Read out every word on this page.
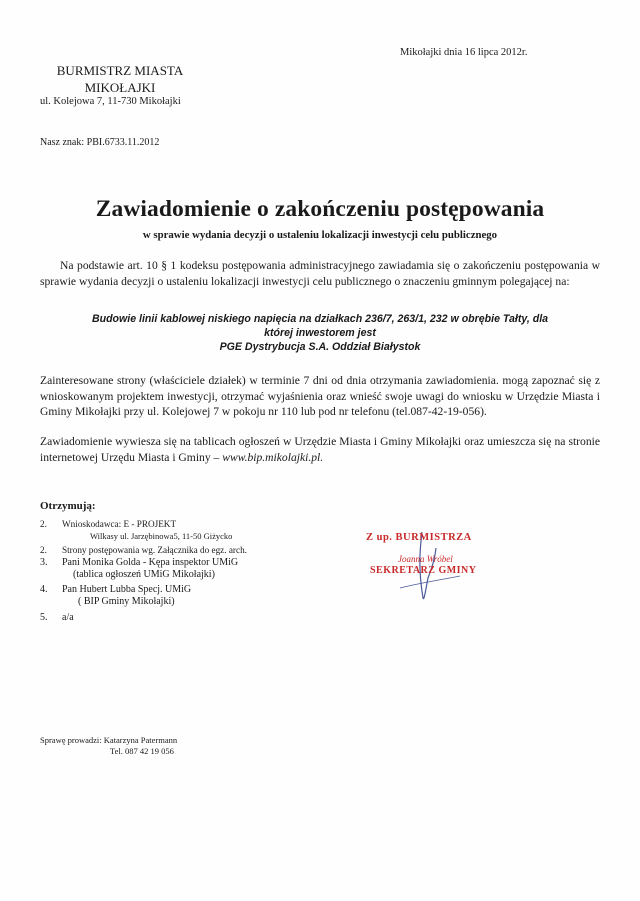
Mikołajki dnia 16 lipca 2012r.

BURMISTRZ MIASTA
MIKOŁAJKI

ul. Kolejowa 7, 11-730 Mikołajki

Nasz znak: PBI.6733.11.2012

Zawiadomienie o zakończeniu postępowania

w sprawie wydania decyzji o ustaleniu lokalizacji inwestycji celu publicznego

Na podstawie art. 10 § 1 kodeksu postępowania administracyjnego zawiadamia się o zakończeniu postępowania w sprawie wydania decyzji o ustaleniu lokalizacji inwestycji celu publicznego o znaczeniu gminnym polegającej na:

Budowie linii kablowej niskiego napięcia na działkach 236/7, 263/1, 232 w obrębie Tałty, dla
której inwestorem jest
PGE Dystrybucja S.A. Oddział Białystok

Zainteresowane strony (właściciele działek) w terminie 7 dni od dnia otrzymania zawiadomienia. mogą zapoznać się z wnioskowanym projektem inwestycji, otrzymać wyjaśnienia oraz wnieść swoje uwagi do wniosku w Urzędzie Miasta i Gminy Mikołajki przy ul. Kolejowej 7 w pokoju nr 110 lub pod nr telefonu (tel.087-42-19-056).

Zawiadomienie wywiesza się na tablicach ogłoszeń w Urzędzie Miasta i Gminy Mikołajki oraz umieszcza się na stronie internetowej Urzędu Miasta i Gminy – www.bip.mikolajki.pl.

Otrzymują:

2. Wnioskodawca: E - PROJEKT
Wilkasy ul. Jarzębinowa5, 11-50 Giżycko
2. Strony postępowania wg. Załącznika do egz. arch.
3. Pani Monika Golda - Kępa inspektor UMiG
(tablica ogłoszeń UMiG Mikołajki)
4. Pan Hubert Lubba Specj. UMiG
( BIP Gminy Mikołajki)
5. a/a

Z up. BURMISTRZA

Joanna Wróbel

SEKRETARZ GMINY

Sprawę prowadzi: Katarzyna Patermann
Tel. 087 42 19 056
